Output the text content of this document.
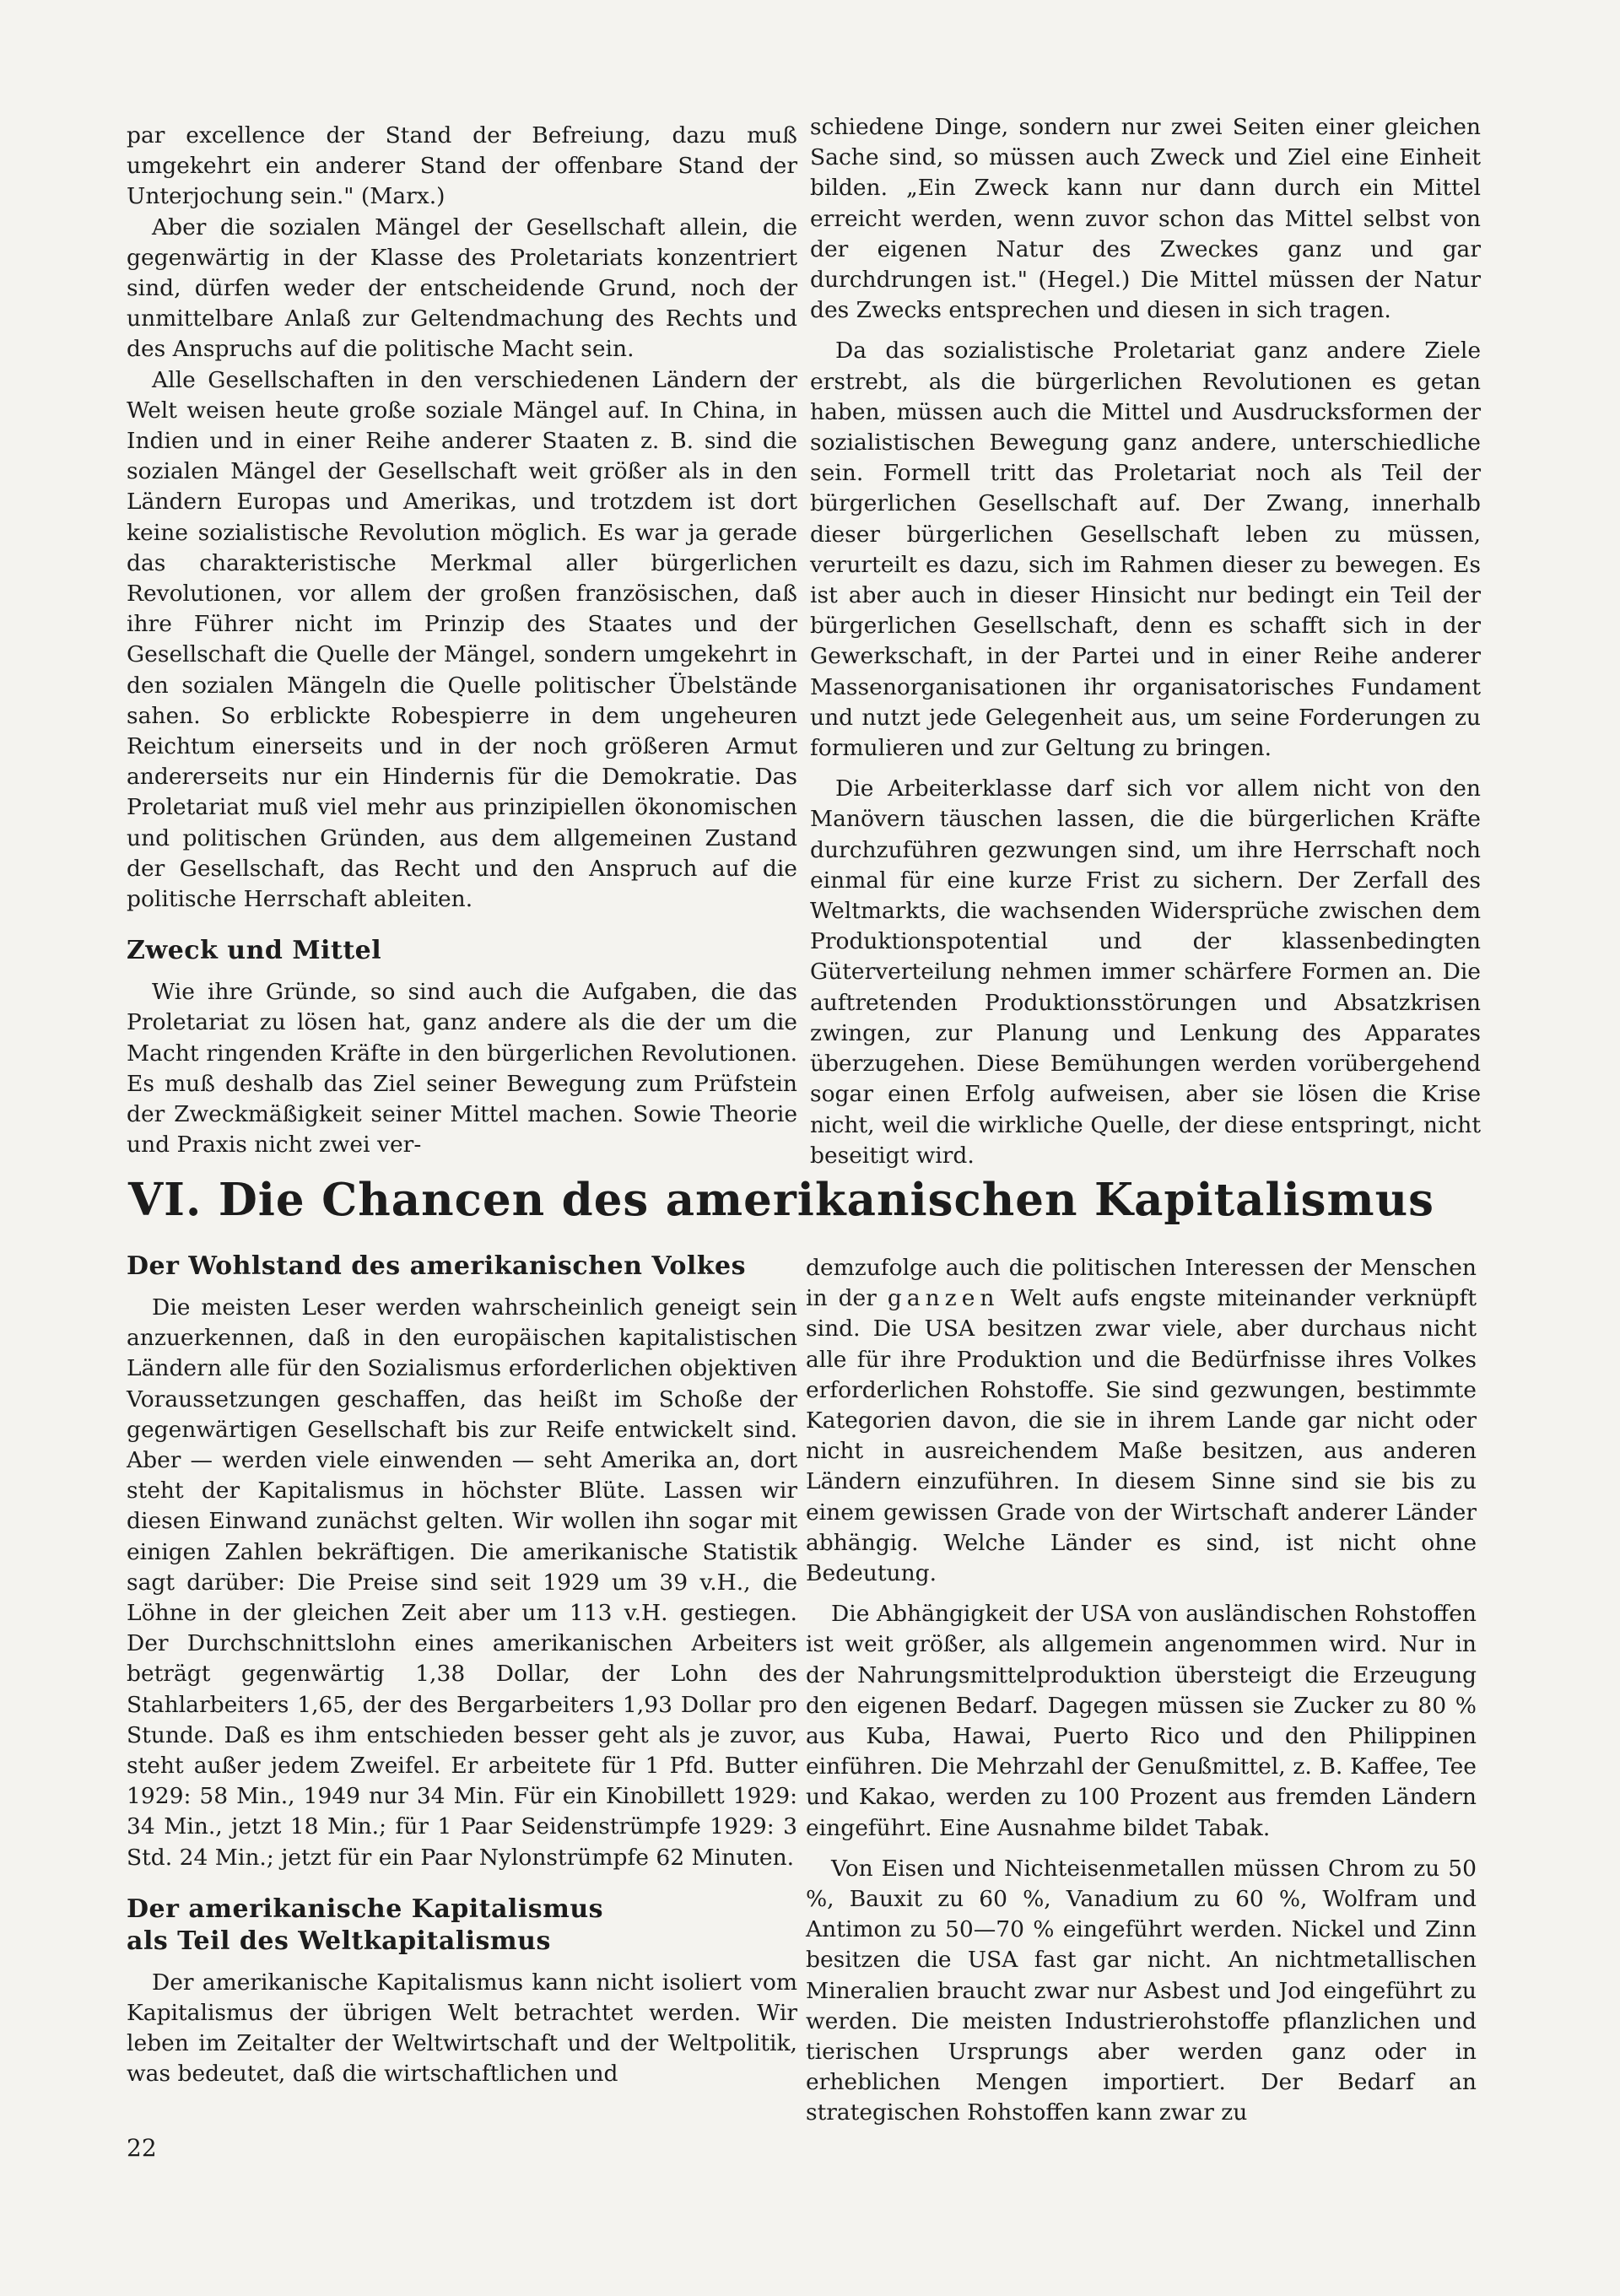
par excellence der Stand der Befreiung, dazu muß umgekehrt ein anderer Stand der offenbare Stand der Unterjochung sein." (Marx.)

Aber die sozialen Mängel der Gesellschaft allein, die gegenwärtig in der Klasse des Proletariats konzentriert sind, dürfen weder der entscheidende Grund, noch der unmittelbare Anlaß zur Geltendmachung des Rechts und des Anspruchs auf die politische Macht sein.

Alle Gesellschaften in den verschiedenen Ländern der Welt weisen heute große soziale Mängel auf. In China, in Indien und in einer Reihe anderer Staaten z. B. sind die sozialen Mängel der Gesellschaft weit größer als in den Ländern Europas und Amerikas, und trotzdem ist dort keine sozialistische Revolution möglich. Es war ja gerade das charakteristische Merkmal aller bürgerlichen Revolutionen, vor allem der großen französischen, daß ihre Führer nicht im Prinzip des Staates und der Gesellschaft die Quelle der Mängel, sondern umgekehrt in den sozialen Mängeln die Quelle politischer Übelstände sahen. So erblickte Robespierre in dem ungeheuren Reichtum einerseits und in der noch größeren Armut andererseits nur ein Hindernis für die Demokratie. Das Proletariat muß viel mehr aus prinzipiellen ökonomischen und politischen Gründen, aus dem allgemeinen Zustand der Gesellschaft, das Recht und den Anspruch auf die politische Herrschaft ableiten.

Zweck und Mittel

Wie ihre Gründe, so sind auch die Aufgaben, die das Proletariat zu lösen hat, ganz andere als die der um die Macht ringenden Kräfte in den bürgerlichen Revolutionen. Es muß deshalb das Ziel seiner Bewegung zum Prüfstein der Zweckmäßigkeit seiner Mittel machen. Sowie Theorie und Praxis nicht zwei ver-

schiedene Dinge, sondern nur zwei Seiten einer gleichen Sache sind, so müssen auch Zweck und Ziel eine Einheit bilden. „Ein Zweck kann nur dann durch ein Mittel erreicht werden, wenn zuvor schon das Mittel selbst von der eigenen Natur des Zweckes ganz und gar durchdrungen ist." (Hegel.) Die Mittel müssen der Natur des Zwecks entsprechen und diesen in sich tragen.

Da das sozialistische Proletariat ganz andere Ziele erstrebt, als die bürgerlichen Revolutionen es getan haben, müssen auch die Mittel und Ausdrucksformen der sozialistischen Bewegung ganz andere, unterschiedliche sein. Formell tritt das Proletariat noch als Teil der bürgerlichen Gesellschaft auf. Der Zwang, innerhalb dieser bürgerlichen Gesellschaft leben zu müssen, verurteilt es dazu, sich im Rahmen dieser zu bewegen. Es ist aber auch in dieser Hinsicht nur bedingt ein Teil der bürgerlichen Gesellschaft, denn es schafft sich in der Gewerkschaft, in der Partei und in einer Reihe anderer Massenorganisationen ihr organisatorisches Fundament und nutzt jede Gelegenheit aus, um seine Forderungen zu formulieren und zur Geltung zu bringen.

Die Arbeiterklasse darf sich vor allem nicht von den Manövern täuschen lassen, die die bürgerlichen Kräfte durchzuführen gezwungen sind, um ihre Herrschaft noch einmal für eine kurze Frist zu sichern. Der Zerfall des Weltmarkts, die wachsenden Widersprüche zwischen dem Produktionspotential und der klassenbedingten Güterverteilung nehmen immer schärfere Formen an. Die auftretenden Produktionsstörungen und Absatzkrisen zwingen, zur Planung und Lenkung des Apparates überzugehen. Diese Bemühungen werden vorübergehend sogar einen Erfolg aufweisen, aber sie lösen die Krise nicht, weil die wirkliche Quelle, der diese entspringt, nicht beseitigt wird.

VI. Die Chancen des amerikanischen Kapitalismus
Der Wohlstand des amerikanischen Volkes

Die meisten Leser werden wahrscheinlich geneigt sein anzuerkennen, daß in den europäischen kapitalistischen Ländern alle für den Sozialismus erforderlichen objektiven Voraussetzungen geschaffen, das heißt im Schoße der gegenwärtigen Gesellschaft bis zur Reife entwickelt sind. Aber — werden viele einwenden — seht Amerika an, dort steht der Kapitalismus in höchster Blüte. Lassen wir diesen Einwand zunächst gelten. Wir wollen ihn sogar mit einigen Zahlen bekräftigen. Die amerikanische Statistik sagt darüber: Die Preise sind seit 1929 um 39 v.H., die Löhne in der gleichen Zeit aber um 113 v.H. gestiegen. Der Durchschnittslohn eines amerikanischen Arbeiters beträgt gegenwärtig 1,38 Dollar, der Lohn des Stahlarbeiters 1,65, der des Bergarbeiters 1,93 Dollar pro Stunde. Daß es ihm entschieden besser geht als je zuvor, steht außer jedem Zweifel. Er arbeitete für 1 Pfd. Butter 1929: 58 Min., 1949 nur 34 Min. Für ein Kinobillett 1929: 34 Min., jetzt 18 Min.; für 1 Paar Seidenstrümpfe 1929: 3 Std. 24 Min.; jetzt für ein Paar Nylonstrümpfe 62 Minuten.

Der amerikanische Kapitalismus
als Teil des Weltkapitalismus

Der amerikanische Kapitalismus kann nicht isoliert vom Kapitalismus der übrigen Welt betrachtet werden. Wir leben im Zeitalter der Weltwirtschaft und der Weltpolitik, was bedeutet, daß die wirtschaftlichen und

demzufolge auch die politischen Interessen der Menschen in der ganzen Welt aufs engste miteinander verknüpft sind. Die USA besitzen zwar viele, aber durchaus nicht alle für ihre Produktion und die Bedürfnisse ihres Volkes erforderlichen Rohstoffe. Sie sind gezwungen, bestimmte Kategorien davon, die sie in ihrem Lande gar nicht oder nicht in ausreichendem Maße besitzen, aus anderen Ländern einzuführen. In diesem Sinne sind sie bis zu einem gewissen Grade von der Wirtschaft anderer Länder abhängig. Welche Länder es sind, ist nicht ohne Bedeutung.

Die Abhängigkeit der USA von ausländischen Rohstoffen ist weit größer, als allgemein angenommen wird. Nur in der Nahrungsmittelproduktion übersteigt die Erzeugung den eigenen Bedarf. Dagegen müssen sie Zucker zu 80 % aus Kuba, Hawai, Puerto Rico und den Philippinen einführen. Die Mehrzahl der Genußmittel, z. B. Kaffee, Tee und Kakao, werden zu 100 Prozent aus fremden Ländern eingeführt. Eine Ausnahme bildet Tabak.

Von Eisen und Nichteisenmetallen müssen Chrom zu 50 %, Bauxit zu 60 %, Vanadium zu 60 %, Wolfram und Antimon zu 50—70 % eingeführt werden. Nickel und Zinn besitzen die USA fast gar nicht. An nichtmetallischen Mineralien braucht zwar nur Asbest und Jod eingeführt zu werden. Die meisten Industrierohstoffe pflanzlichen und tierischen Ursprungs aber werden ganz oder in erheblichen Mengen importiert. Der Bedarf an strategischen Rohstoffen kann zwar zu

22
